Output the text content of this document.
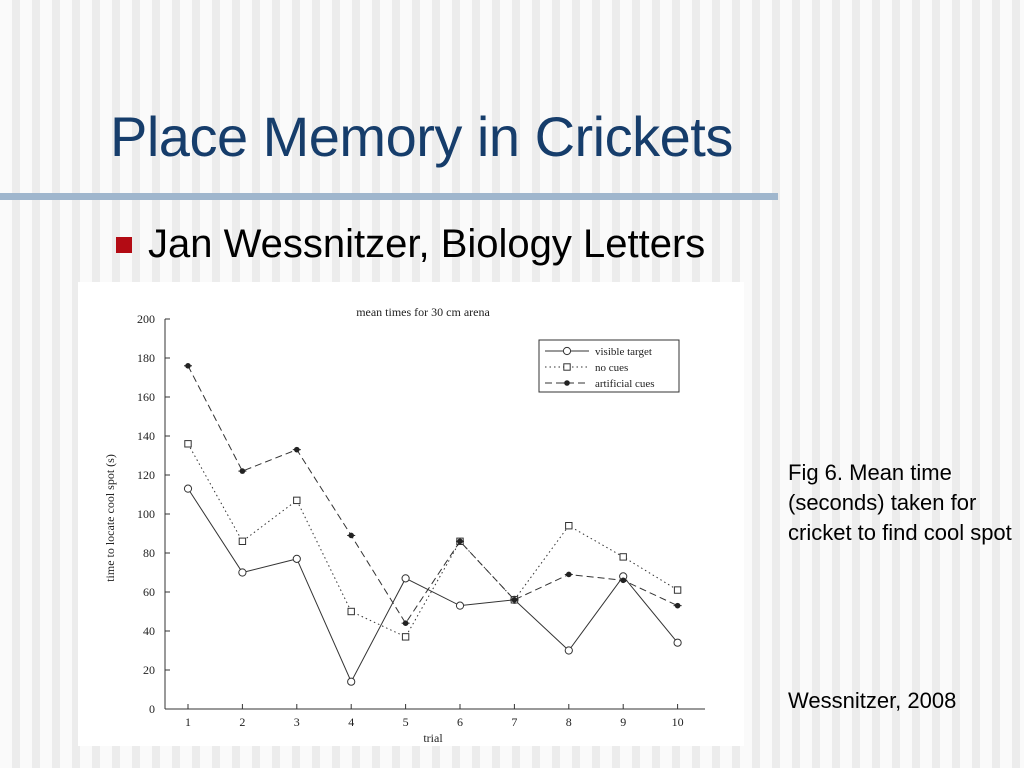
Place Memory in Crickets
Jan Wessnitzer, Biology Letters
mean times for 30 cm arena
time to locate cool spot (s)
trial
0
20
40
60
80
100
120
140
160
180
200
1	2	3	4	5	6	7	8	9	10
visible target
no cues
artificial cues
Fig 6. Mean time (seconds) taken for cricket to find cool spot
Wessnitzer, 2008
